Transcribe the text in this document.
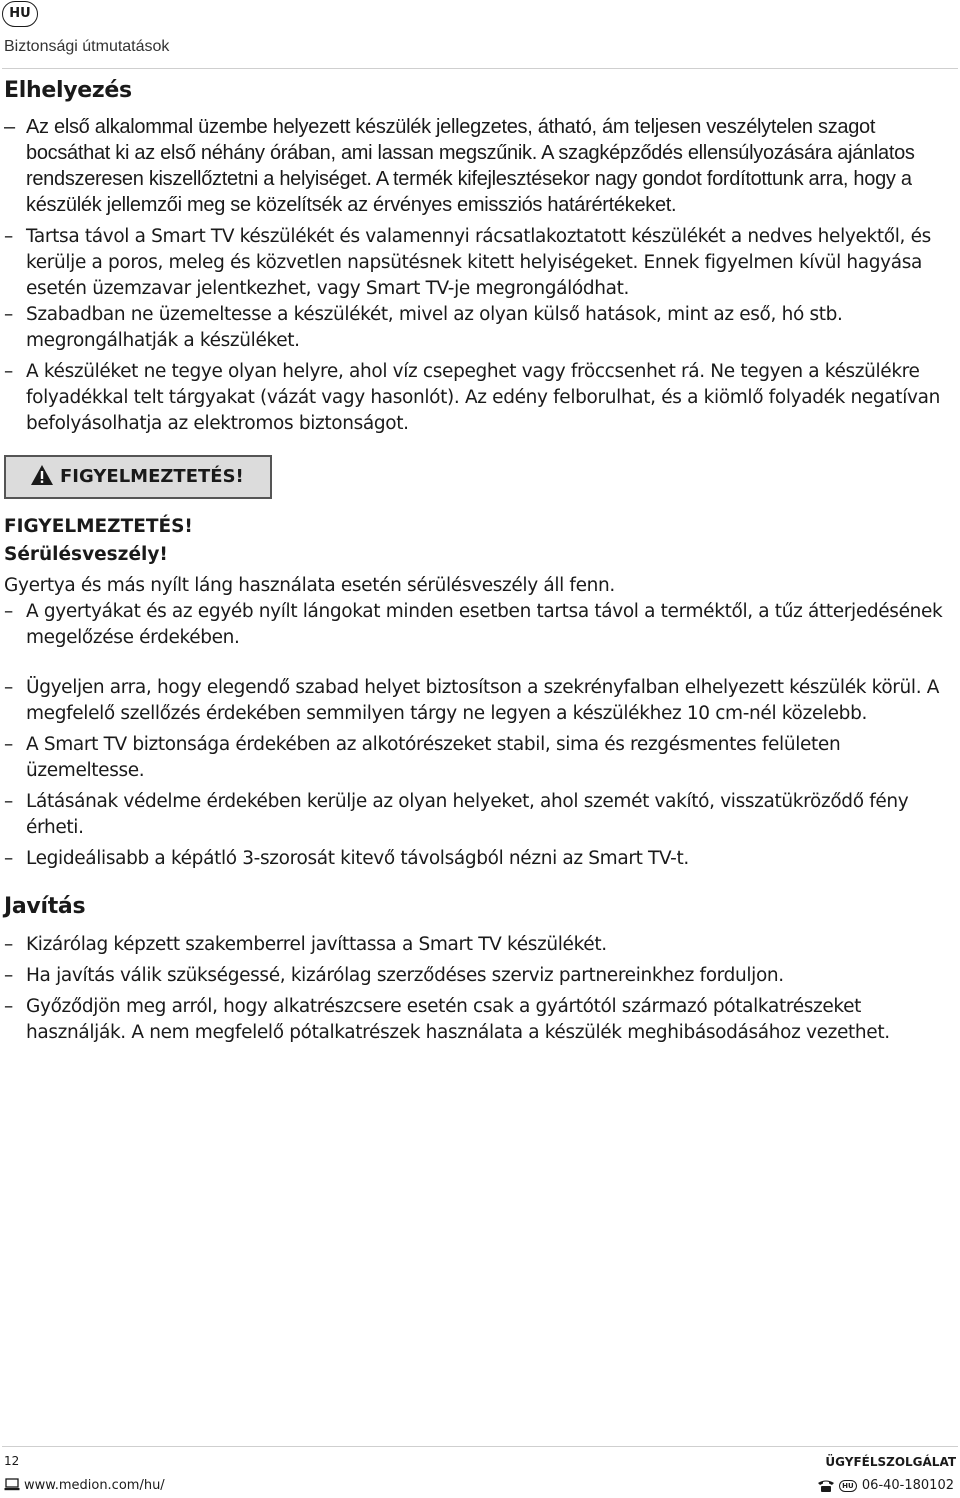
HU
Biztonsági útmutatások
Elhelyezés
– Az első alkalommal üzembe helyezett készülék jellegzetes, átható, ám teljesen veszélytelen szagot bocsáthat ki az első néhány órában, ami lassan megszűnik. A szagképződés ellensúlyozására ajánlatos rendszeresen kiszellőztetni a helyiséget. A termék kifejlesztésekor nagy gondot fordítottunk arra, hogy a készülék jellemzői meg se közelítsék az érvényes emissziós határértékeket.
– Tartsa távol a Smart TV készülékét és valamennyi rácsatlakoztatott készülékét a nedves helyektől, és kerülje a poros, meleg és közvetlen napsütésnek kitett helyiségeket. Ennek figyelmen kívül hagyása esetén üzemzavar jelentkezhet, vagy Smart TV-je megrongálódhat.
– Szabadban ne üzemeltesse a készülékét, mivel az olyan külső hatások, mint az eső, hó stb. megrongálhatják a készüléket.
– A készüléket ne tegye olyan helyre, ahol víz csepeghet vagy fröccsenhet rá. Ne tegyen a készülékre folyadékkal telt tárgyakat (vázát vagy hasonlót). Az edény felborulhat, és a kiömlő folyadék negatívan befolyásolhatja az elektromos biztonságot.
FIGYELMEZTETÉS!
FIGYELMEZTETÉS!
Sérülésveszély!
Gyertya és más nyílt láng használata esetén sérülésveszély áll fenn.
– A gyertyákat és az egyéb nyílt lángokat minden esetben tartsa távol a terméktől, a tűz átterjedésének megelőzése érdekében.
– Ügyeljen arra, hogy elegendő szabad helyet biztosítson a szekrényfalban elhelyezett készülék körül. A megfelelő szellőzés érdekében semmilyen tárgy ne legyen a készülékhez 10 cm-nél közelebb.
– A Smart TV biztonsága érdekében az alkotórészeket stabil, sima és rezgésmentes felületen üzemeltesse.
– Látásának védelme érdekében kerülje az olyan helyeket, ahol szemét vakító, visszatükröződő fény érheti.
– Legideálisabb a képátló 3-szorosát kitevő távolságból nézni az Smart TV-t.
Javítás
– Kizárólag képzett szakemberrel javíttassa a Smart TV készülékét.
– Ha javítás válik szükségessé, kizárólag szerződéses szerviz partnereinkhez forduljon.
– Győződjön meg arról, hogy alkatrészcsere esetén csak a gyártótól származó pótalkatrészeket használják. A nem megfelelő pótalkatrészek használata a készülék meghibásodásához vezethet.
12	ÜGYFÉLSZOLGÁLAT
www.medion.com/hu/	HU 06-40-180102
